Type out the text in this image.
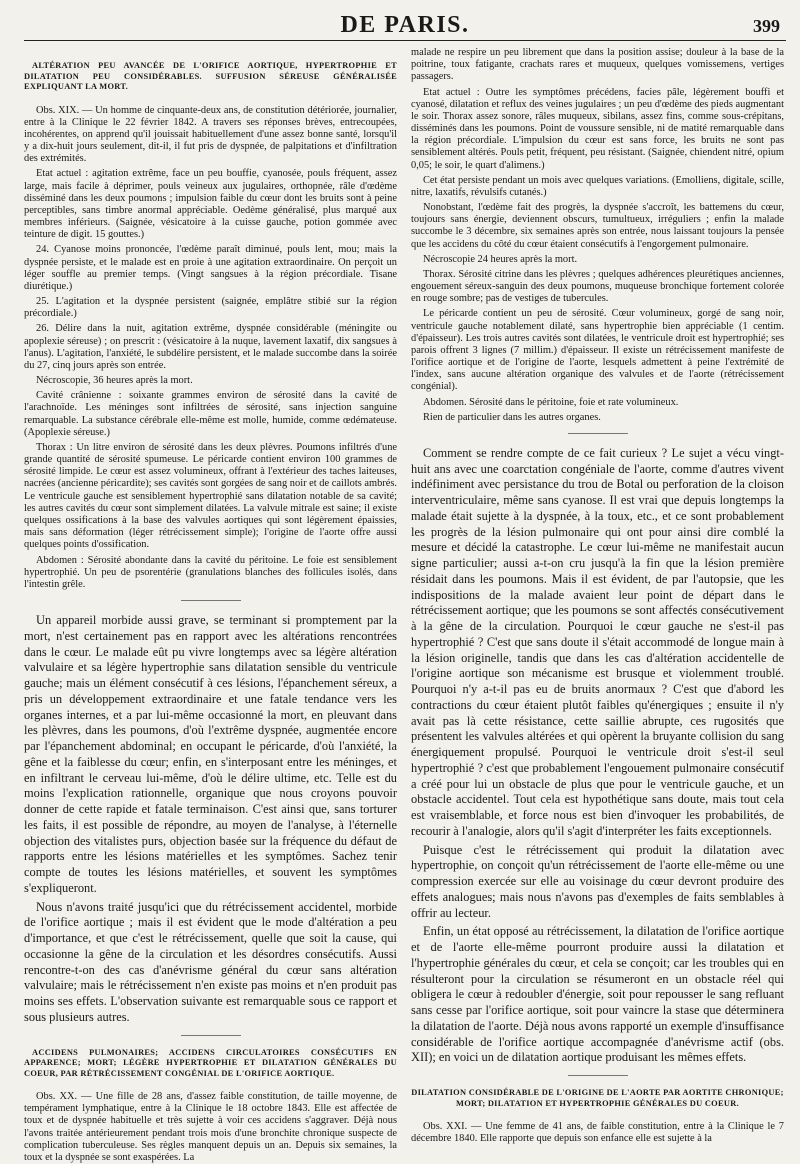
DE PARIS.	399
ALTÉRATION PEU AVANCÉE DE L'ORIFICE AORTIQUE, HYPERTROPHIE ET DILATATION PEU CONSIDÉRABLES. SUFFUSION SÉREUSE GÉNÉRALISÉE EXPLIQUANT LA MORT.

Obs. XIX. — Un homme de cinquante-deux ans, de constitution détériorée, journalier, entre à la Clinique le 22 février 1842. A travers ses réponses brèves, entrecoupées, incohérentes, on apprend qu'il jouissait habituellement d'une assez bonne santé, lorsqu'il y a dix-huit jours seulement, dit-il, il fut pris de dyspnée, de palpitations et d'infiltration des extrémités.

Etat actuel : agitation extrême, face un peu bouffie, cyanosée, pouls fréquent, assez large, mais facile à déprimer, pouls veineux aux jugulaires, orthopnée, râle d'œdème disséminé dans les deux poumons ; impulsion faible du cœur dont les bruits sont à peine perceptibles, sans timbre anormal appréciable. Oedème généralisé, plus marqué aux membres inférieurs. (Saignée, vésicatoire à la cuisse gauche, potion gommée avec teinture de digit. 15 gouttes.)

24. Cyanose moins prononcée, l'œdème paraît diminué, pouls lent, mou; mais la dyspnée persiste, et le malade est en proie à une agitation extraordinaire. On perçoit un léger souffle au premier temps. (Vingt sangsues à la région précordiale. Tisane diurétique.)

25. L'agitation et la dyspnée persistent (saignée, emplâtre stibié sur la région précordiale.)

26. Délire dans la nuit, agitation extrême, dyspnée considérable (méningite ou apoplexie séreuse) ; on prescrit : (vésicatoire à la nuque, lavement laxatif, dix sangsues à l'anus). L'agitation, l'anxiété, le subdélire persistent, et le malade succombe dans la soirée du 27, cinq jours après son entrée.

Nécroscopie, 36 heures après la mort.

Cavité crânienne : soixante grammes environ de sérosité dans la cavité de l'arachnoïde. Les méninges sont infiltrées de sérosité, sans injection sanguine remarquable. La substance cérébrale elle-même est molle, humide, comme œdémateuse. (Apoplexie séreuse.)

Thorax : Un litre environ de sérosité dans les deux plèvres. Poumons infiltrés d'une grande quantité de sérosité spumeuse. Le péricarde contient environ 100 grammes de sérosité limpide. Le cœur est assez volumineux, offrant à l'extérieur des taches laiteuses, nacrées (ancienne péricardite); ses cavités sont gorgées de sang noir et de caillots ambrés. Le ventricule gauche est sensiblement hypertrophié sans dilatation notable de sa cavité; les autres cavités du cœur sont simplement dilatées. La valvule mitrale est saine; il existe quelques ossifications à la base des valvules aortiques qui sont légèrement épaissies, mais sans déformation (léger rétrécissement simple); l'origine de l'aorte offre aussi quelques points d'ossification.

Abdomen : Sérosité abondante dans la cavité du péritoine. Le foie est sensiblement hypertrophié. Un peu de psorentérie (granulations blanches des follicules isolés, dans l'intestin grêle.

Un appareil morbide aussi grave, se terminant si promptement par la mort, n'est certainement pas en rapport avec les altérations rencontrées dans le cœur. Le malade eût pu vivre longtemps avec sa légère altération valvulaire et sa légère hypertrophie sans dilatation sensible du ventricule gauche; mais un élément consécutif à ces lésions, l'épanchement séreux, a pris un développement extraordinaire et une fatale tendance vers les organes internes, et a par lui-même occasionné la mort, en pleuvant dans les plèvres, dans les poumons, d'où l'extrême dyspnée, augmentée encore par l'épanchement abdominal; en occupant le péricarde, d'où l'anxiété, la gêne et la faiblesse du cœur; enfin, en s'interposant entre les méninges, et en infiltrant le cerveau lui-même, d'où le délire ultime, etc. Telle est du moins l'explication rationnelle, organique que nous croyons pouvoir donner de cette rapide et fatale terminaison. C'est ainsi que, sans torturer les faits, il est possible de répondre, au moyen de l'analyse, à l'éternelle objection des vitalistes purs, objection basée sur la fréquence du défaut de rapports entre les lésions matérielles et les symptômes. Sachez tenir compte de toutes les lésions matérielles, et souvent les symptômes s'expliqueront.

Nous n'avons traité jusqu'ici que du rétrécissement accidentel, morbide de l'orifice aortique ; mais il est évident que le mode d'altération a peu d'importance, et que c'est le rétrécissement, quelle que soit la cause, qui occasionne la gêne de la circulation et les désordres consécutifs. Aussi rencontre-t-on des cas d'anévrisme général du cœur sans altération valvulaire; mais le rétrécissement n'en existe pas moins et n'en produit pas moins ses effets. L'observation suivante est remarquable sous ce rapport et sous plusieurs autres.

ACCIDENS PULMONAIRES; ACCIDENS CIRCULATOIRES CONSÉCUTIFS EN APPARENCE; MORT; LÉGÈRE HYPERTROPHIE ET DILATATION GÉNÉRALES DU COEUR, PAR RÉTRÉCISSEMENT CONGÉNIAL DE L'ORIFICE AORTIQUE.

Obs. XX. — Une fille de 28 ans, d'assez faible constitution, de taille moyenne, de tempérament lymphatique, entre à la Clinique le 18 octobre 1843. Elle est affectée de toux et de dyspnée habituelle et très sujette à voir ces accidens s'aggraver. Déjà nous l'avons traitée antérieurement pendant trois mois d'une bronchite chronique suspecte de complication tuberculeuse. Ses règles manquent depuis un an. Depuis six semaines, la toux et la dyspnée se sont exaspérées. La

malade ne respire un peu librement que dans la position assise; douleur à la base de la poitrine, toux fatigante, crachats rares et muqueux, quelques vomissemens, vertiges passagers.

Etat actuel : Outre les symptômes précédens, facies pâle, légèrement bouffi et cyanosé, dilatation et reflux des veines jugulaires ; un peu d'œdème des pieds augmentant le soir. Thorax assez sonore, râles muqueux, sibilans, assez fins, comme sous-crépitans, disséminés dans les poumons. Point de voussure sensible, ni de matité remarquable dans la région précordiale. L'impulsion du cœur est sans force, les bruits ne sont pas sensiblement altérés. Pouls petit, fréquent, peu résistant. (Saignée, chiendent nitré, opium 0,05; le soir, le quart d'alimens.)

Cet état persiste pendant un mois avec quelques variations. (Emolliens, digitale, scille, nitre, laxatifs, révulsifs cutanés.)

Nonobstant, l'œdème fait des progrès, la dyspnée s'accroît, les battemens du cœur, toujours sans énergie, deviennent obscurs, tumultueux, irréguliers ; enfin la malade succombe le 3 décembre, six semaines après son entrée, nous laissant toujours la pensée que les accidens du côté du cœur étaient consécutifs à l'engorgement pulmonaire.

Nécroscopie 24 heures après la mort.

Thorax. Sérosité citrine dans les plèvres ; quelques adhérences pleurétiques anciennes, engouement séreux-sanguin des deux poumons, muqueuse bronchique fortement colorée en rouge sombre; pas de vestiges de tubercules.

Le péricarde contient un peu de sérosité. Cœur volumineux, gorgé de sang noir, ventricule gauche notablement dilaté, sans hypertrophie bien appréciable (1 centim. d'épaisseur). Les trois autres cavités sont dilatées, le ventricule droit est hypertrophié; ses parois offrent 3 lignes (7 millim.) d'épaisseur. Il existe un rétrécissement manifeste de l'orifice aortique et de l'origine de l'aorte, lesquels admettent à peine l'extrémité de l'index, sans aucune altération organique des valvules et de l'aorte (rétrécissement congénial).

Abdomen. Sérosité dans le péritoine, foie et rate volumineux.

Rien de particulier dans les autres organes.

Comment se rendre compte de ce fait curieux ? Le sujet a vécu vingt-huit ans avec une coarctation congéniale de l'aorte, comme d'autres vivent indéfiniment avec persistance du trou de Botal ou perforation de la cloison interventriculaire, même sans cyanose. Il est vrai que depuis longtemps la malade était sujette à la dyspnée, à la toux, etc., et ce sont probablement les progrès de la lésion pulmonaire qui ont pour ainsi dire comblé la mesure et décidé la catastrophe. Le cœur lui-même ne manifestait aucun signe particulier; aussi a-t-on cru jusqu'à la fin que la lésion première résidait dans les poumons. Mais il est évident, de par l'autopsie, que les indispositions de la malade avaient leur point de départ dans le rétrécissement aortique; que les poumons se sont affectés consécutivement à la gêne de la circulation. Pourquoi le cœur gauche ne s'est-il pas hypertrophié ? C'est que sans doute il s'était accommodé de longue main à la lésion originelle, tandis que dans les cas d'altération accidentelle de l'origine aortique son mécanisme est brusque et violemment troublé. Pourquoi n'y a-t-il pas eu de bruits anormaux ? C'est que d'abord les contractions du cœur étaient plutôt faibles qu'énergiques ; ensuite il n'y avait pas là cette résistance, cette saillie abrupte, ces rugosités que présentent les valvules altérées et qui opèrent la bruyante collision du sang énergiquement propulsé. Pourquoi le ventricule droit s'est-il seul hypertrophié ? c'est que probablement l'engouement pulmonaire consécutif a créé pour lui un obstacle de plus que pour le ventricule gauche, et un obstacle accidentel. Tout cela est hypothétique sans doute, mais tout cela est vraisemblable, et force nous est bien d'invoquer les probabilités, de recourir à l'analogie, alors qu'il s'agit d'interpréter les faits exceptionnels.

Puisque c'est le rétrécissement qui produit la dilatation avec hypertrophie, on conçoit qu'un rétrécissement de l'aorte elle-même ou une compression exercée sur elle au voisinage du cœur devront produire des effets analogues; mais nous n'avons pas d'exemples de faits semblables à offrir au lecteur.

Enfin, un état opposé au rétrécissement, la dilatation de l'orifice aortique et de l'aorte elle-même pourront produire aussi la dilatation et l'hypertrophie générales du cœur, et cela se conçoit; car les troubles qui en résulteront pour la circulation se résumeront en un obstacle réel qui obligera le cœur à redoubler d'énergie, soit pour repousser le sang refluant sans cesse par l'orifice aortique, soit pour vaincre la stase que déterminera la dilatation de l'aorte. Déjà nous avons rapporté un exemple d'insuffisance considérable de l'orifice aortique accompagnée d'anévrisme actif (obs. XII); en voici un de dilatation aortique produisant les mêmes effets.

DILATATION CONSIDÉRABLE DE L'ORIGINE DE L'AORTE PAR AORTITE CHRONIQUE; MORT; DILATATION ET HYPERTROPHIE GÉNÉRALES DU COEUR.

Obs. XXI. — Une femme de 41 ans, de faible constitution, entre à la Clinique le 7 décembre 1840. Elle rapporte que depuis son enfance elle est sujette à la
